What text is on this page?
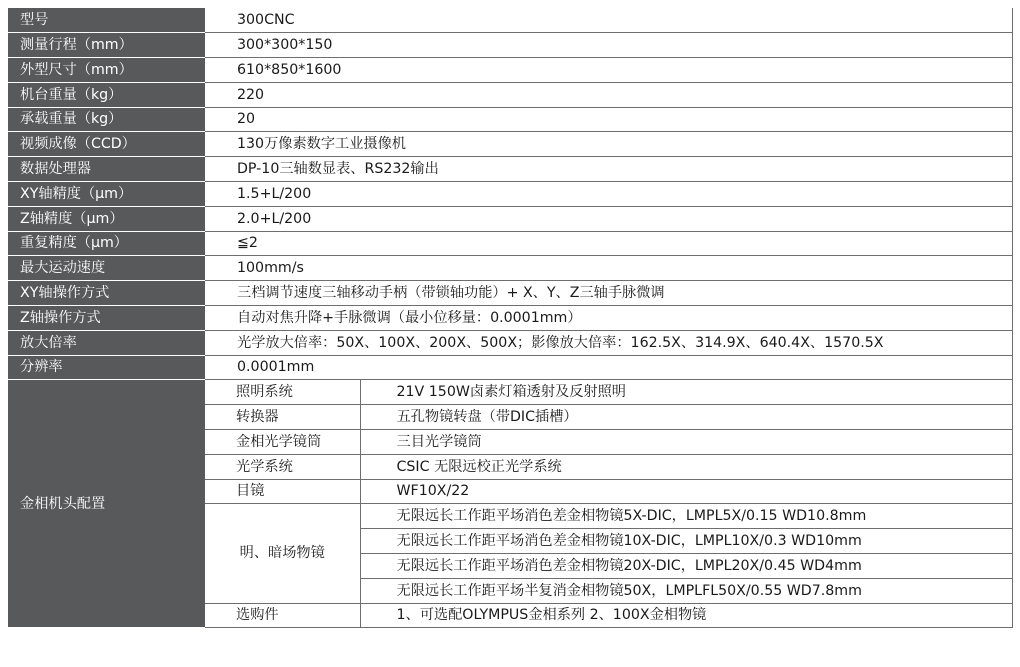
型号	300CNC	
测量行程（mm）	300*300*150	
外型尺寸（mm）	610*850*1600	
机台重量（kg）	220	
承载重量（kg）	20	
视频成像（CCD）	130万像素数字工业摄像机	
数据处理器	DP-10三轴数显表、RS232输出	
XY轴精度（μm）	1.5+L/200	
Z轴精度（μm）	2.0+L/200	
重复精度（μm）	≦2	
最大运动速度	100mm/s	
XY轴操作方式	三档调节速度三轴移动手柄（带锁轴功能）+ X、Y、Z三轴手脉微调	
Z轴操作方式	自动对焦升降+手脉微调（最小位移量：0.0001mm）	
放大倍率	光学放大倍率：50X、100X、200X、500X；影像放大倍率：162.5X、314.9X、640.4X、1570.5X	
分辨率	0.0001mm	
金相机头配置	照明系统	21V 150W卤素灯箱透射及反射照明
	转换器	五孔物镜转盘（带DIC插槽）
	金相光学镜筒	三目光学镜筒
	光学系统	CSIC 无限远校正光学系统
	目镜	WF10X/22
	明、暗场物镜	无限远长工作距平场消色差金相物镜5X-DIC，LMPL5X/0.15 WD10.8mm
		无限远长工作距平场消色差金相物镜10X-DIC，LMPL10X/0.3 WD10mm
		无限远长工作距平场消色差金相物镜20X-DIC，LMPL20X/0.45 WD4mm
		无限远长工作距平场半复消金相物镜50X，LMPLFL50X/0.55 WD7.8mm
	选购件	1、可选配OLYMPUS金相系列 2、100X金相物镜
